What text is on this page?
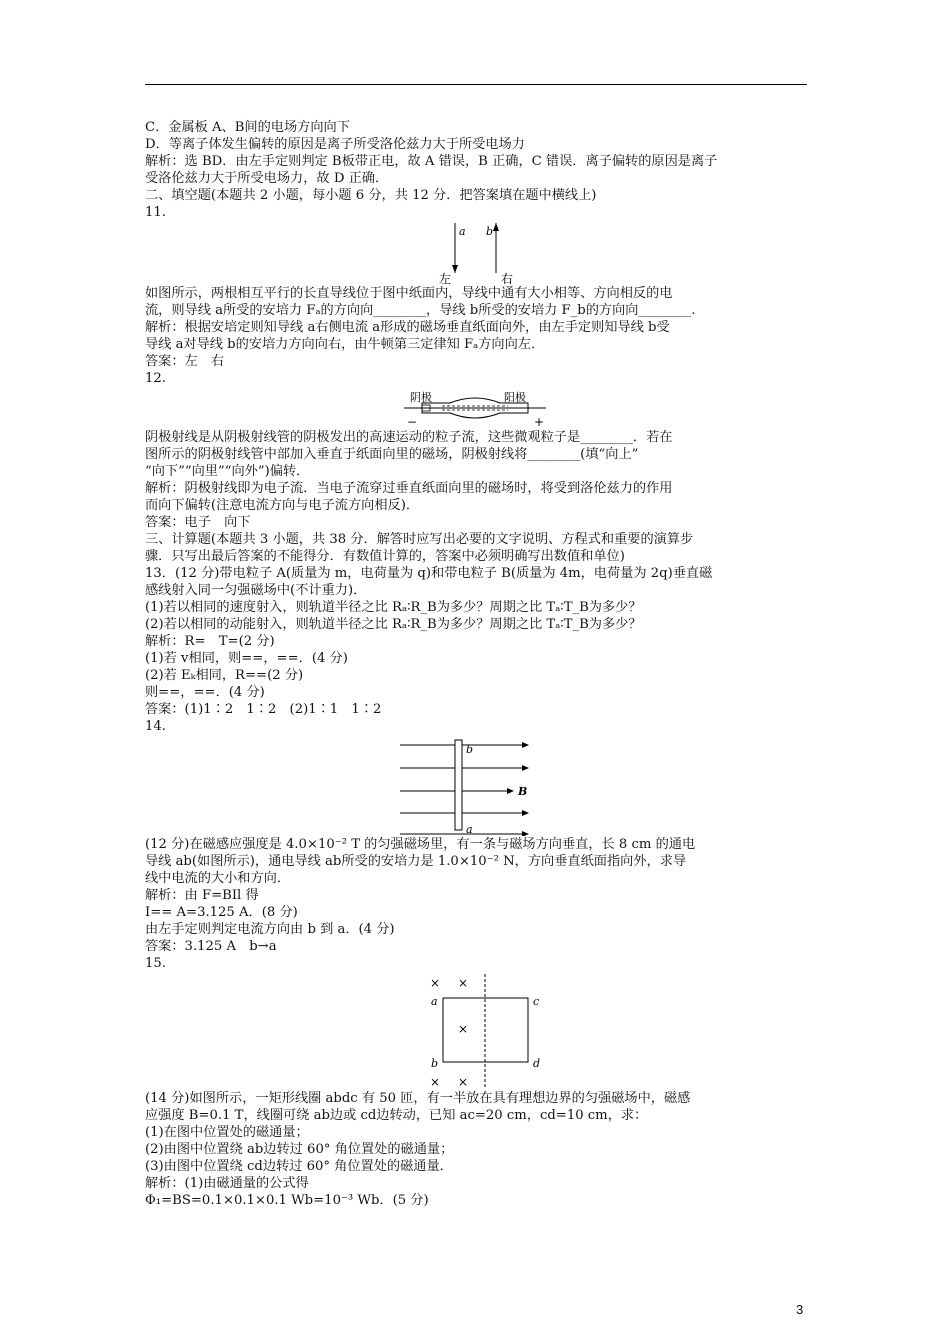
C．金属板 A、B间的电场方向向下
D．等离子体发生偏转的原因是离子所受洛伦兹力大于所受电场力
解析：选 BD．由左手定则判定 B板带正电，故 A 错误，B 正确，C 错误．离子偏转的原因是离子
受洛伦兹力大于所受电场力，故 D 正确．
二、填空题(本题共 2 小题，每小题 6 分，共 12 分．把答案填在题中横线上)
11.
a b
左	右
如图所示，两根相互平行的长直导线位于图中纸面内，导线中通有大小相等、方向相反的电
流，则导线 a所受的安培力 Fₐ的方向向________，导线 b所受的安培力 F_b的方向向________.
解析：根据安培定则知导线 a右侧电流 a形成的磁场垂直纸面向外，由左手定则知导线 b受
导线 a对导线 b的安培力方向向右，由牛顿第三定律知 Fₐ方向向左．
答案：左　右
12.
阴极	阳极
−	+
阴极射线是从阴极射线管的阴极发出的高速运动的粒子流，这些微观粒子是________．若在
图所示的阴极射线管中部加入垂直于纸面向里的磁场，阴极射线将________(填“向上”
“向下”“向里”“向外”)偏转．
解析：阴极射线即为电子流．当电子流穿过垂直纸面向里的磁场时，将受到洛伦兹力的作用
而向下偏转(注意电流方向与电子流方向相反)．
答案：电子　向下
三、计算题(本题共 3 小题，共 38 分．解答时应写出必要的文字说明、方程式和重要的演算步
骤．只写出最后答案的不能得分．有数值计算的，答案中必须明确写出数值和单位)
13．(12 分)带电粒子 A(质量为 m，电荷量为 q)和带电粒子 B(质量为 4m，电荷量为 2q)垂直磁
感线射入同一匀强磁场中(不计重力)．
(1)若以相同的速度射入，则轨道半径之比 Rₐ∶R_B为多少？周期之比 Tₐ∶T_B为多少？
(2)若以相同的动能射入，则轨道半径之比 Rₐ∶R_B为多少？周期之比 Tₐ∶T_B为多少？
解析：R=　T=(2 分)
(1)若 v相同，则==，==．(4 分)
(2)若 Eₖ相同，R==(2 分)
则==，==．(4 分)
答案：(1)1∶2　1∶2　(2)1∶1　1∶2
14.
b
a
B
(12 分)在磁感应强度是 4.0×10⁻² T 的匀强磁场里，有一条与磁场方向垂直，长 8 cm 的通电
导线 ab(如图所示)，通电导线 ab所受的安培力是 1.0×10⁻² N，方向垂直纸面指向外，求导
线中电流的大小和方向．
解析：由 F=BIl 得
I== A=3.125 A．(8 分)
由左手定则判定电流方向由 b 到 a．(4 分)
答案：3.125 A　b→a
15.
× ×
×
× ×
a
b
c
d
(14 分)如图所示，一矩形线圈 abdc 有 50 匝，有一半放在具有理想边界的匀强磁场中，磁感
应强度 B=0.1 T，线圈可绕 ab边或 cd边转动，已知 ac=20 cm，cd=10 cm，求：
(1)在图中位置处的磁通量；
(2)由图中位置绕 ab边转过 60° 角位置处的磁通量；
(3)由图中位置绕 cd边转过 60° 角位置处的磁通量．
解析：(1)由磁通量的公式得
Φ₁=BS=0.1×0.1×0.1 Wb=10⁻³ Wb．(5 分)
3
